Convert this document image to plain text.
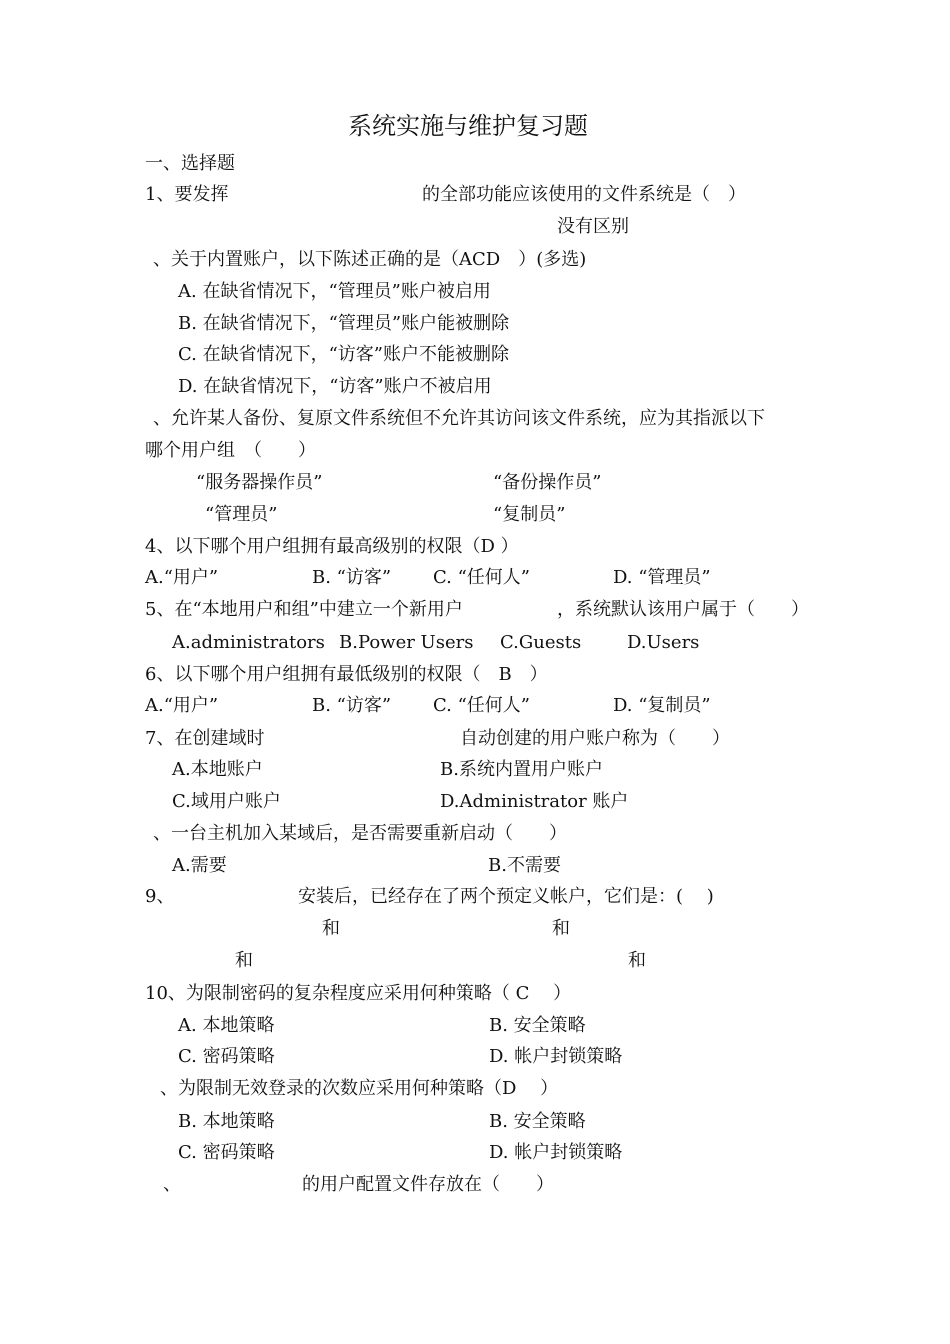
系统实施与维护复习题
一、选择题
1、要发挥	的全部功能应该使用的文件系统是（　）
没有区别
、关于内置账户，以下陈述正确的是（ACD　）(多选)
A. 在缺省情况下，“管理员”账户被启用
B. 在缺省情况下，“管理员”账户能被删除
C. 在缺省情况下，“访客”账户不能被删除
D. 在缺省情况下，“访客”账户不被启用
、允许某人备份、复原文件系统但不允许其访问该文件系统，应为其指派以下
哪个用户组　（　　）
“服务器操作员”	“备份操作员”
“管理员”	“复制员”
4、以下哪个用户组拥有最高级别的权限（D ）
A.“用户”	B. “访客” C. “任何人”	D. “管理员”
5、在“本地用户和组”中建立一个新用户	，系统默认该用户属于（　　）
A.administrators B.Power Users C.Guests	D.Users
6、以下哪个用户组拥有最低级别的权限（　B　）
A.“用户”	B. “访客” C. “任何人”	D. “复制员”
7、在创建域时	自动创建的用户账户称为（　　）
A.本地账户	B.系统内置用户账户
C.域用户账户	D.Administrator 账户
、一台主机加入某域后，是否需要重新启动（　　）
A.需要	B.不需要
9、	安装后，已经存在了两个预定义帐户，它们是：(　 )
和	和
和	和
10、为限制密码的复杂程度应采用何种策略（ C　 ）
A. 本地策略	B. 安全策略
C. 密码策略	D. 帐户封锁策略
、为限制无效登录的次数应采用何种策略（D　 ）
B. 本地策略	B. 安全策略
C. 密码策略	D. 帐户封锁策略
、	的用户配置文件存放在（　　）
